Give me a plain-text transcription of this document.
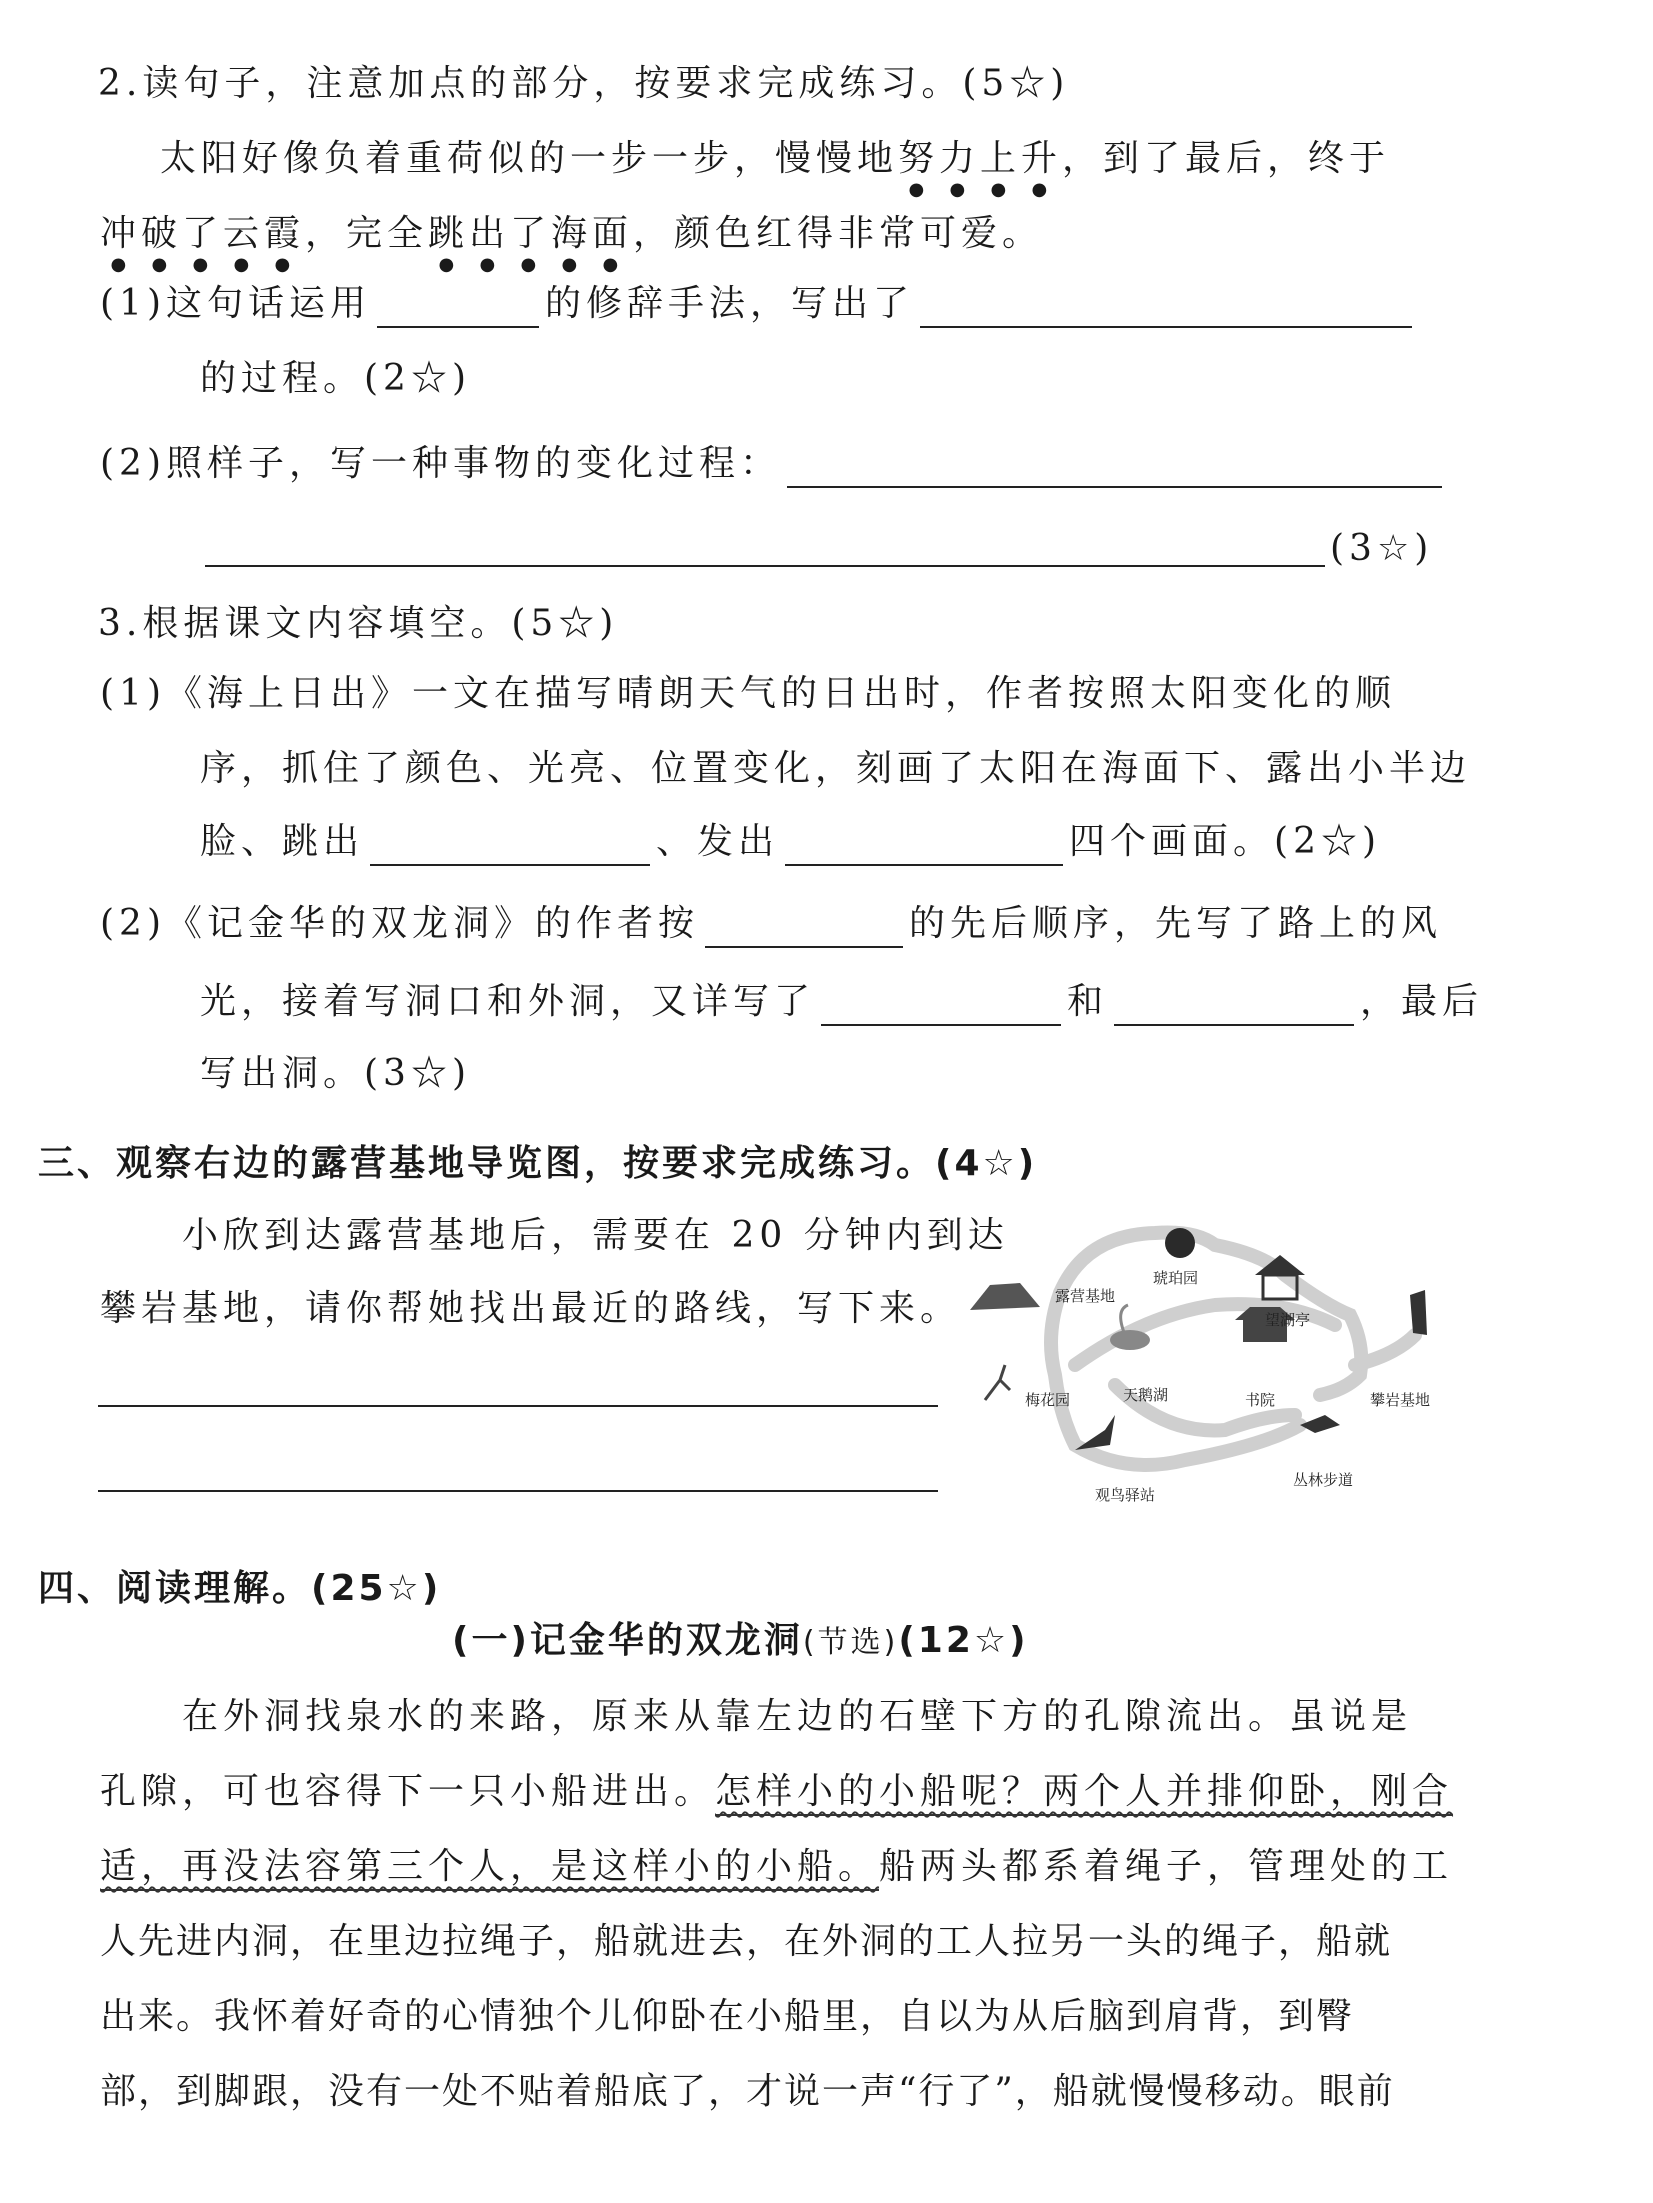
2.读句子，注意加点的部分，按要求完成练习。(5☆)
太阳好像负着重荷似的一步一步，慢慢地努力上升，到了最后，终于
冲破了云霞，完全跳出了海面，颜色红得非常可爱。
(1)这句话运用	的修辞手法，写出了
的过程。(2☆)
(2)照样子，写一种事物的变化过程：
(3☆)
3.根据课文内容填空。(5☆)
(1)《海上日出》一文在描写晴朗天气的日出时，作者按照太阳变化的顺
序，抓住了颜色、光亮、位置变化，刻画了太阳在海面下、露出小半边
脸、跳出	、发出	四个画面。(2☆)
(2)《记金华的双龙洞》的作者按	的先后顺序，先写了路上的风
光，接着写洞口和外洞，又详写了	和	，最后
写出洞。(3☆)
三、观察右边的露营基地导览图，按要求完成练习。(4☆)
小欣到达露营基地后，需要在 20 分钟内到达
攀岩基地，请你帮她找出最近的路线，写下来。	露营基地
琥珀园
望湖亭
梅花园	天鹅湖	书院	攀岩基地
观鸟驿站
丛林步道
四、阅读理解。(25☆)
(一)记金华的双龙洞(节选)(12☆)
在外洞找泉水的来路，原来从靠左边的石壁下方的孔隙流出。虽说是
孔隙，可也容得下一只小船进出。怎样小的小船呢？两个人并排仰卧，刚合
适，再没法容第三个人，是这样小的小船。船两头都系着绳子，管理处的工
人先进内洞，在里边拉绳子，船就进去，在外洞的工人拉另一头的绳子，船就
出来。我怀着好奇的心情独个儿仰卧在小船里，自以为从后脑到肩背，到臀
部，到脚跟，没有一处不贴着船底了，才说一声“行了”，船就慢慢移动。眼前
